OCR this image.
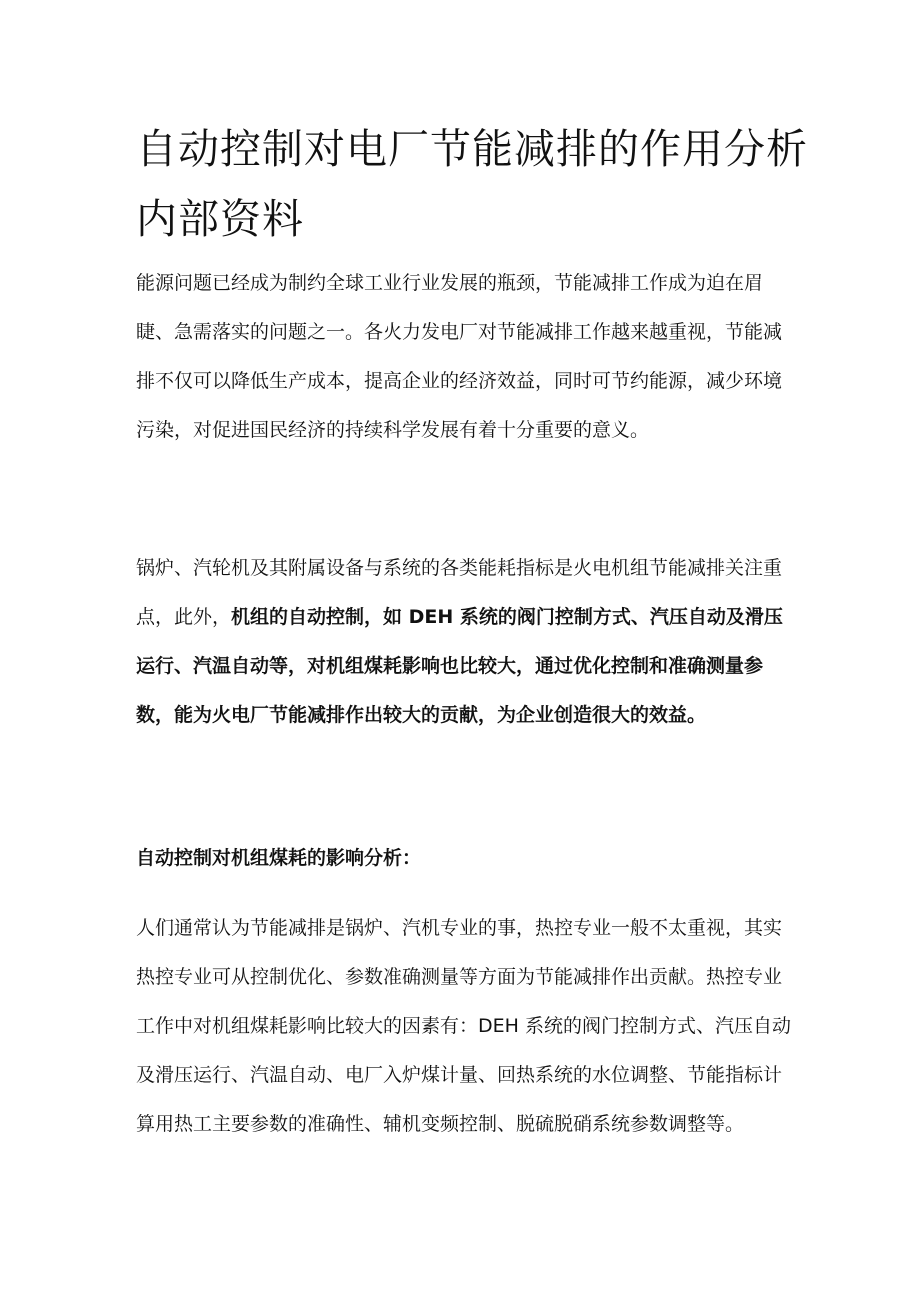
自动控制对电厂节能减排的作用分析内部资料

能源问题已经成为制约全球工业行业发展的瓶颈，节能减排工作成为迫在眉睫、急需落实的问题之一。各火力发电厂对节能减排工作越来越重视，节能减排不仅可以降低生产成本，提高企业的经济效益，同时可节约能源，减少环境污染，对促进国民经济的持续科学发展有着十分重要的意义。

锅炉、汽轮机及其附属设备与系统的各类能耗指标是火电机组节能减排关注重点，此外，机组的自动控制，如 DEH 系统的阀门控制方式、汽压自动及滑压运行、汽温自动等，对机组煤耗影响也比较大，通过优化控制和准确测量参数，能为火电厂节能减排作出较大的贡献，为企业创造很大的效益。

自动控制对机组煤耗的影响分析：

人们通常认为节能减排是锅炉、汽机专业的事，热控专业一般不太重视，其实热控专业可从控制优化、参数准确测量等方面为节能减排作出贡献。热控专业工作中对机组煤耗影响比较大的因素有：DEH 系统的阀门控制方式、汽压自动及滑压运行、汽温自动、电厂入炉煤计量、回热系统的水位调整、节能指标计算用热工主要参数的准确性、辅机变频控制、脱硫脱硝系统参数调整等。
